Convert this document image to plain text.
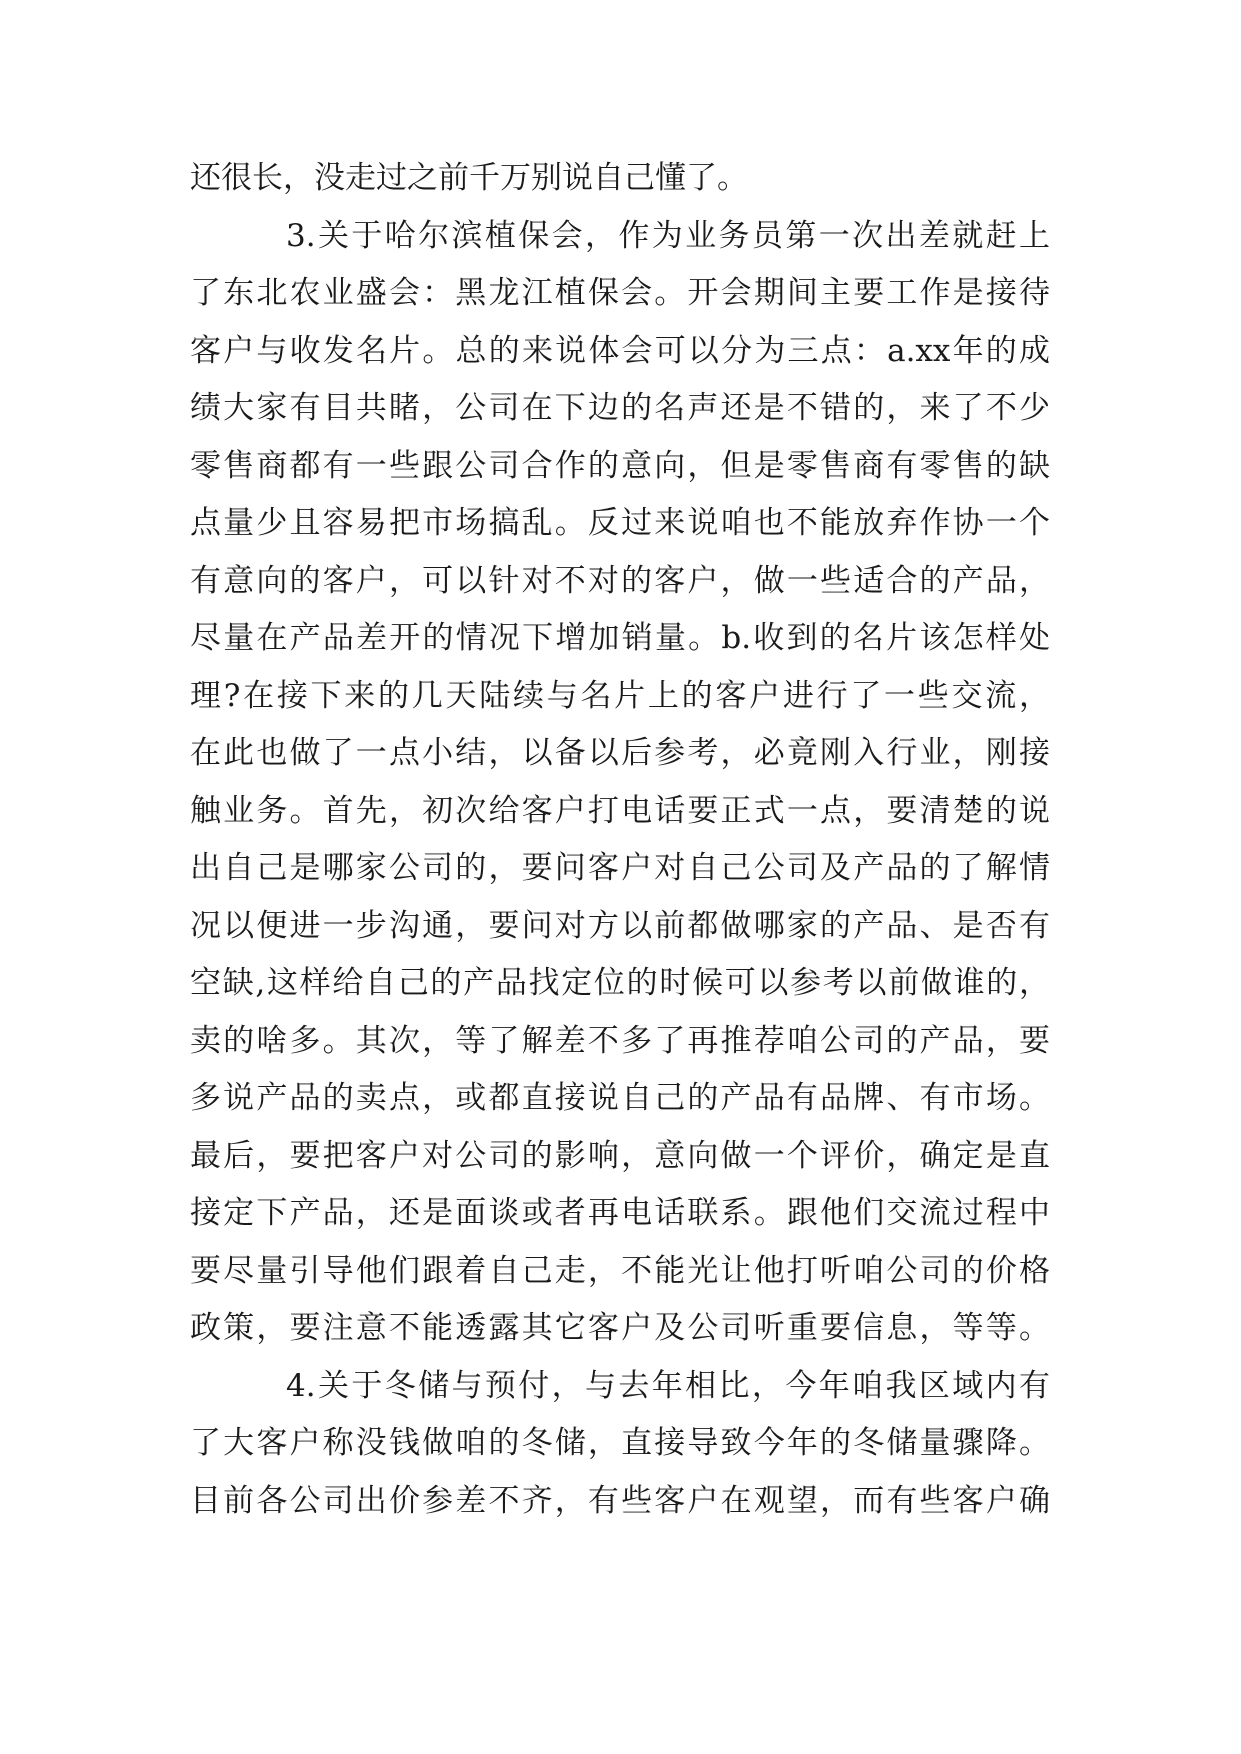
还很长，没走过之前千万别说自己懂了。
3.关于哈尔滨植保会，作为业务员第一次出差就赶上
了东北农业盛会：黑龙江植保会。开会期间主要工作是接待
客户与收发名片。总的来说体会可以分为三点：a.xx年的成
绩大家有目共睹，公司在下边的名声还是不错的，来了不少
零售商都有一些跟公司合作的意向，但是零售商有零售的缺
点量少且容易把市场搞乱。反过来说咱也不能放弃作协一个
有意向的客户，可以针对不对的客户，做一些适合的产品，
尽量在产品差开的情况下增加销量。b.收到的名片该怎样处
理?在接下来的几天陆续与名片上的客户进行了一些交流，
在此也做了一点小结，以备以后参考，必竟刚入行业，刚接
触业务。首先，初次给客户打电话要正式一点，要清楚的说
出自己是哪家公司的，要问客户对自己公司及产品的了解情
况以便进一步沟通，要问对方以前都做哪家的产品、是否有
空缺,这样给自己的产品找定位的时候可以参考以前做谁的，
卖的啥多。其次，等了解差不多了再推荐咱公司的产品，要
多说产品的卖点，或都直接说自己的产品有品牌、有市场。
最后，要把客户对公司的影响，意向做一个评价，确定是直
接定下产品，还是面谈或者再电话联系。跟他们交流过程中
要尽量引导他们跟着自己走，不能光让他打听咱公司的价格
政策，要注意不能透露其它客户及公司听重要信息，等等。
4.关于冬储与预付，与去年相比，今年咱我区域内有
了大客户称没钱做咱的冬储，直接导致今年的冬储量骤降。
目前各公司出价参差不齐，有些客户在观望，而有些客户确
